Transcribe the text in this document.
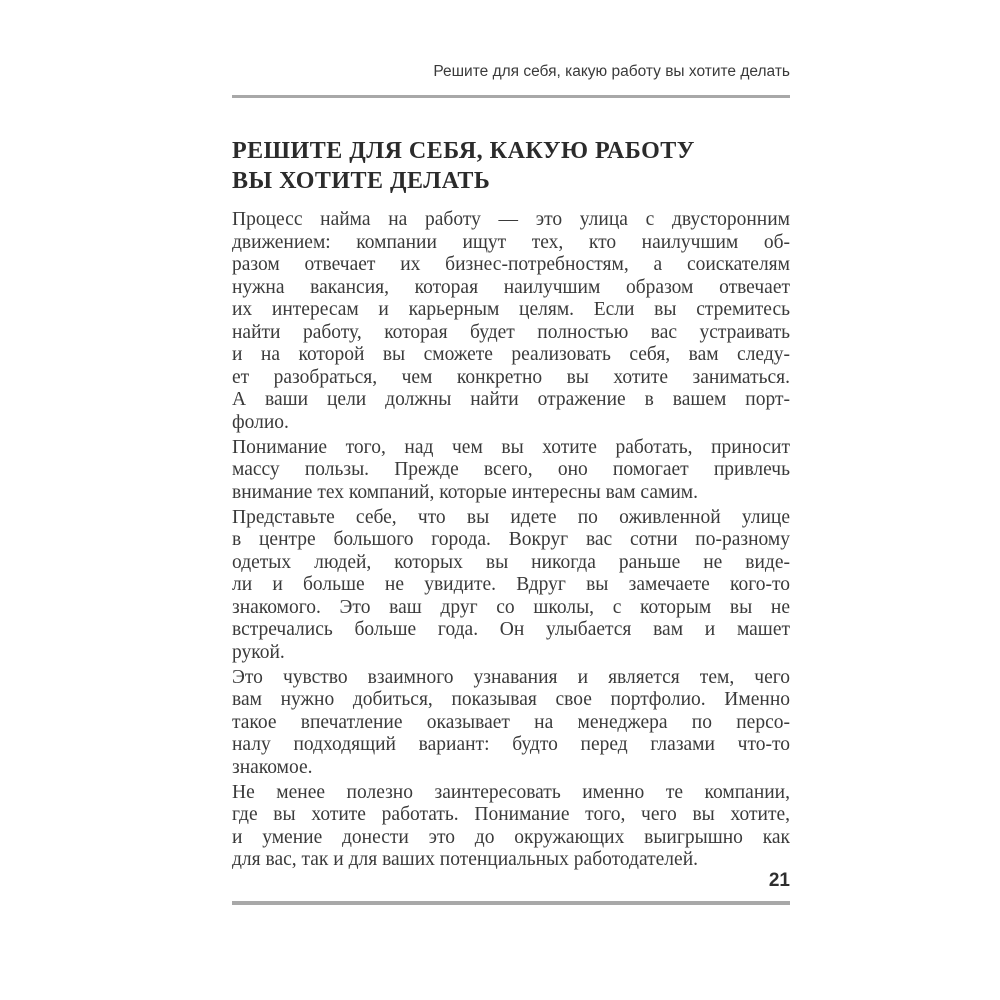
Решите для себя, какую работу вы хотите делать
РЕШИТЕ ДЛЯ СЕБЯ, КАКУЮ РАБОТУ
ВЫ ХОТИТЕ ДЕЛАТЬ
Процесс найма на работу — это улица с двусторонним
движением: компании ищут тех, кто наилучшим об-
разом отвечает их бизнес-потребностям, а соискателям
нужна вакансия, которая наилучшим образом отвечает
их интересам и карьерным целям. Если вы стремитесь
найти работу, которая будет полностью вас устраивать
и на которой вы сможете реализовать себя, вам следу-
ет разобраться, чем конкретно вы хотите заниматься.
А ваши цели должны найти отражение в вашем порт-
фолио.
Понимание того, над чем вы хотите работать, приносит
массу пользы. Прежде всего, оно помогает привлечь
внимание тех компаний, которые интересны вам самим.
Представьте себе, что вы идете по оживленной улице
в центре большого города. Вокруг вас сотни по-разному
одетых людей, которых вы никогда раньше не виде-
ли и больше не увидите. Вдруг вы замечаете кого-то
знакомого. Это ваш друг со школы, с которым вы не
встречались больше года. Он улыбается вам и машет
рукой.
Это чувство взаимного узнавания и является тем, чего
вам нужно добиться, показывая свое портфолио. Именно
такое впечатление оказывает на менеджера по персо-
налу подходящий вариант: будто перед глазами что-то
знакомое.
Не менее полезно заинтересовать именно те компании,
где вы хотите работать. Понимание того, чего вы хотите,
и умение донести это до окружающих выигрышно как
для вас, так и для ваших потенциальных работодателей.
21
